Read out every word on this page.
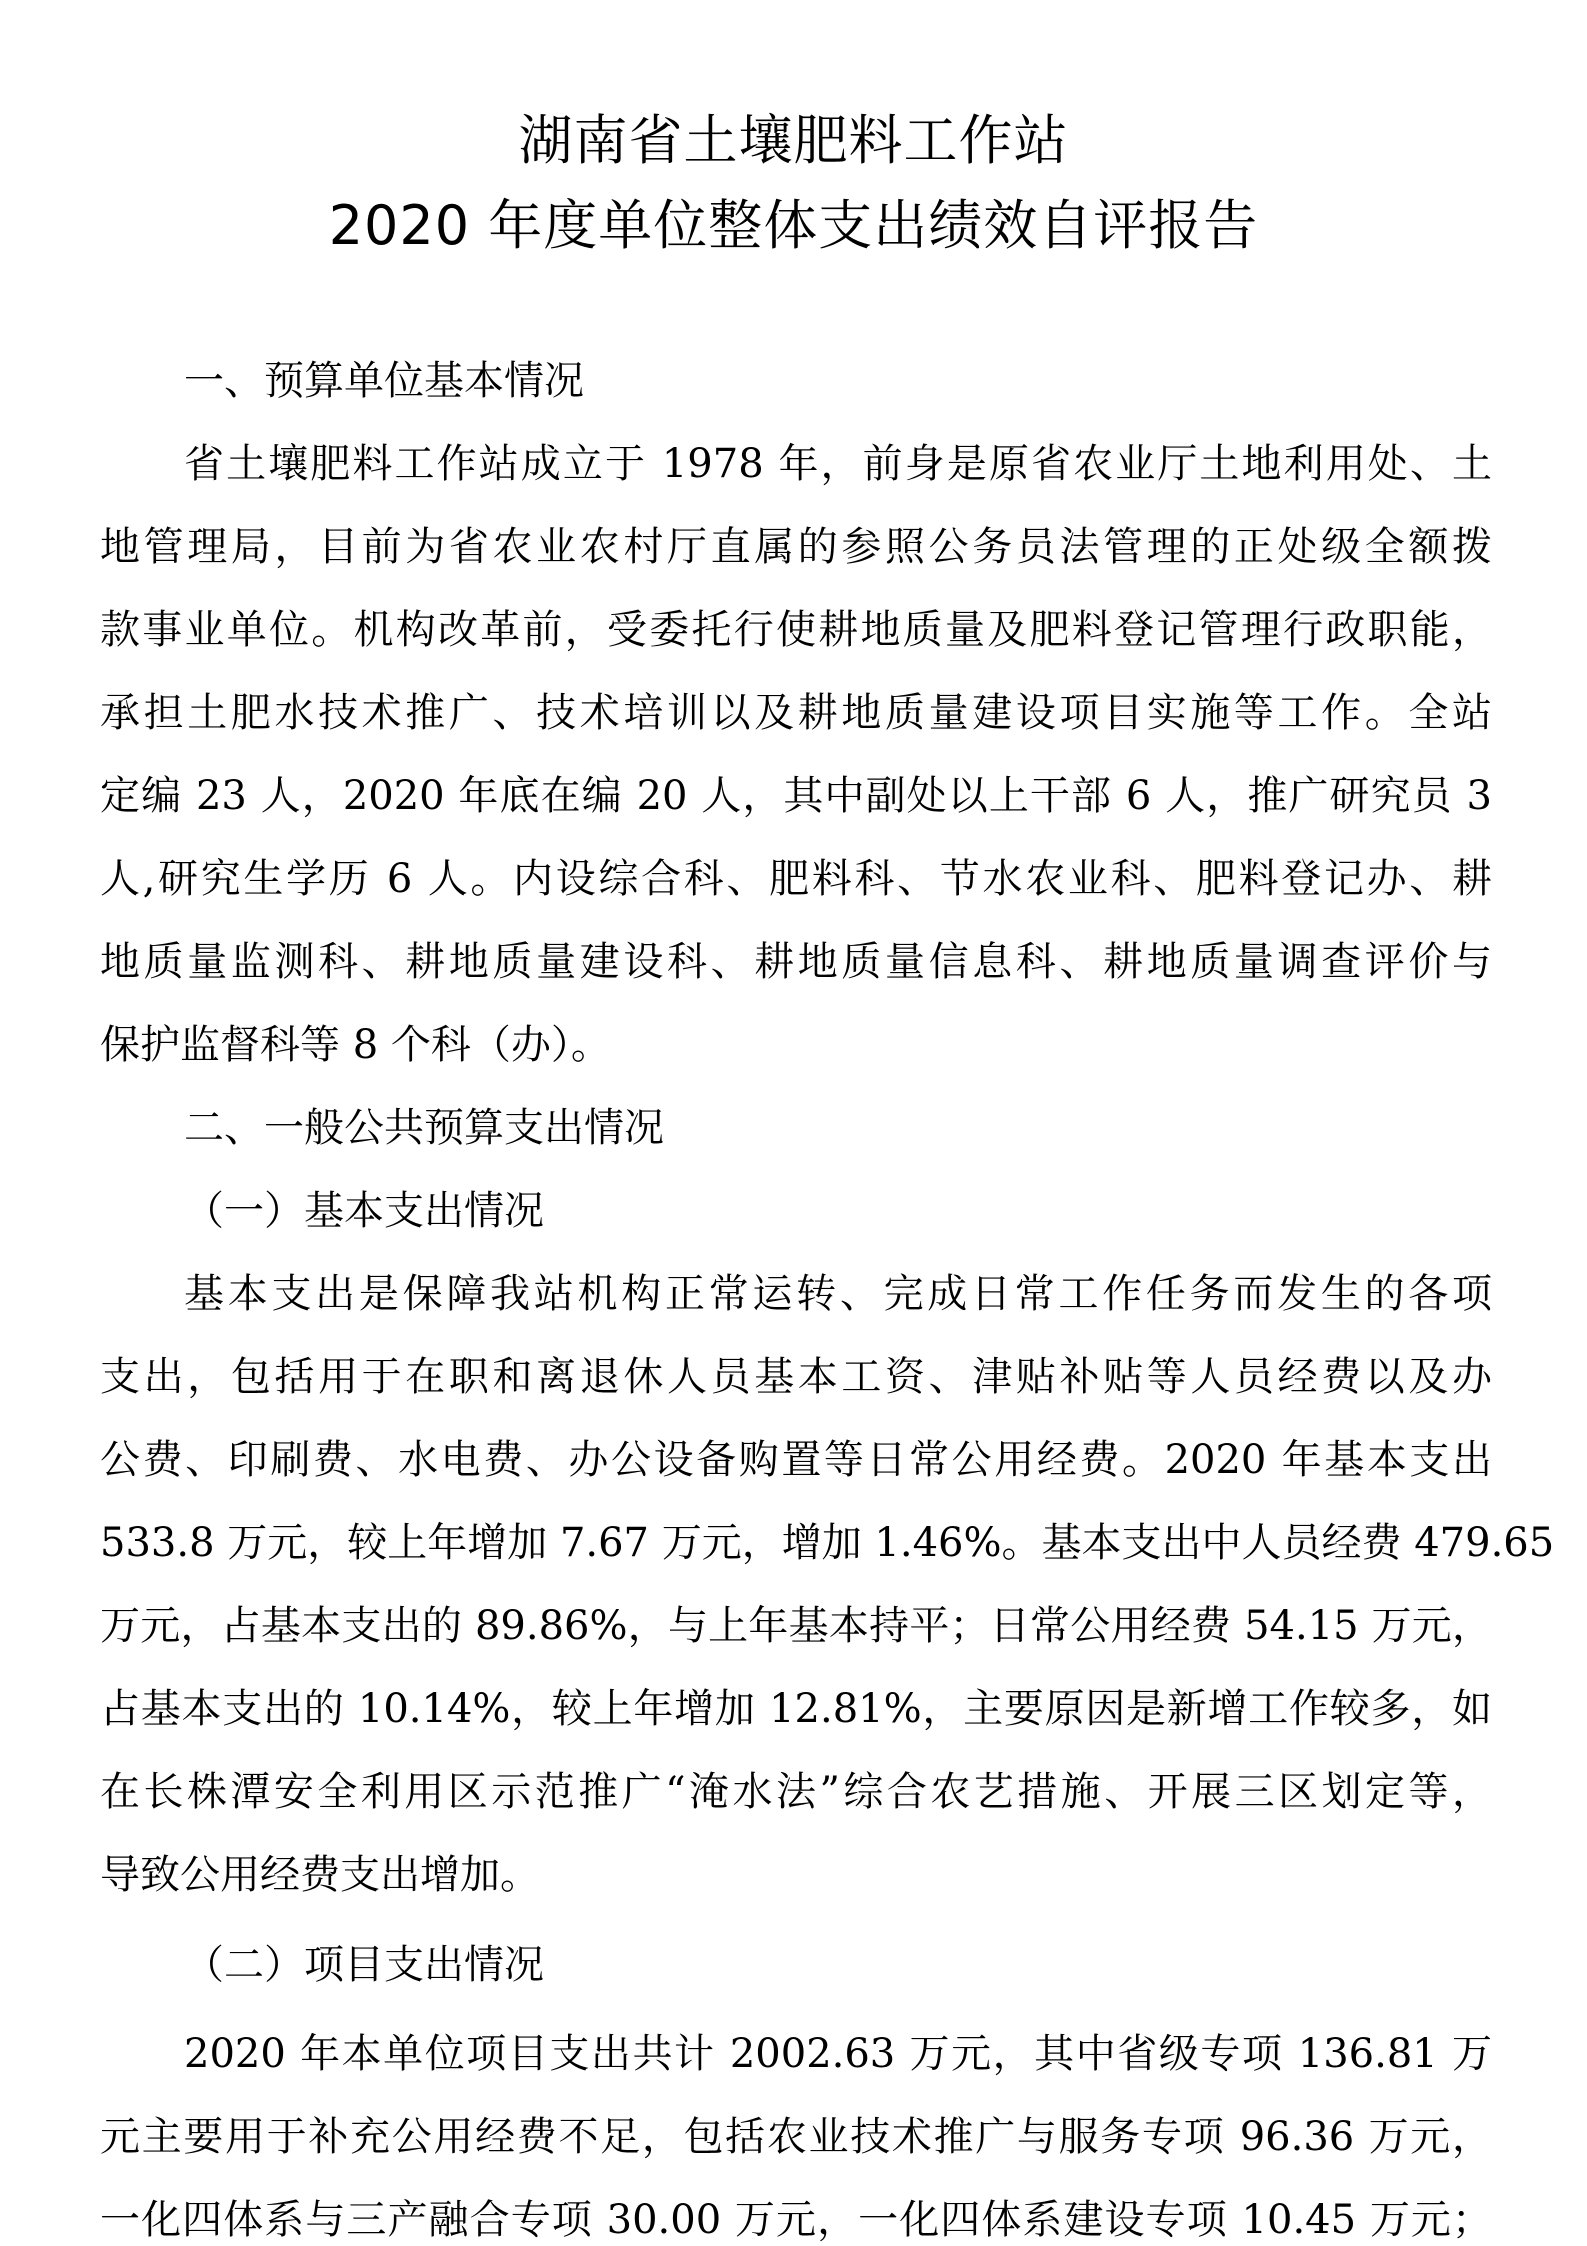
湖南省土壤肥料工作站
2020 年度单位整体支出绩效自评报告
一、预算单位基本情况
省土壤肥料工作站成立于 1978 年，前身是原省农业厅土地利用处、土
地管理局，目前为省农业农村厅直属的参照公务员法管理的正处级全额拨
款事业单位。机构改革前，受委托行使耕地质量及肥料登记管理行政职能，
承担土肥水技术推广、技术培训以及耕地质量建设项目实施等工作。全站
定编 23 人，2020 年底在编 20 人，其中副处以上干部 6 人，推广研究员 3
人,研究生学历 6 人。内设综合科、肥料科、节水农业科、肥料登记办、耕
地质量监测科、耕地质量建设科、耕地质量信息科、耕地质量调查评价与
保护监督科等 8 个科（办）。
二、一般公共预算支出情况
（一）基本支出情况
基本支出是保障我站机构正常运转、完成日常工作任务而发生的各项
支出，包括用于在职和离退休人员基本工资、津贴补贴等人员经费以及办
公费、印刷费、水电费、办公设备购置等日常公用经费。2020 年基本支出
533.8 万元，较上年增加 7.67 万元，增加 1.46%。基本支出中人员经费 479.65
万元，占基本支出的 89.86%，与上年基本持平；日常公用经费 54.15 万元，
占基本支出的 10.14%，较上年增加 12.81%，主要原因是新增工作较多，如
在长株潭安全利用区示范推广“淹水法”综合农艺措施、开展三区划定等，
导致公用经费支出增加。
（二）项目支出情况
2020 年本单位项目支出共计 2002.63 万元，其中省级专项 136.81 万
元主要用于补充公用经费不足，包括农业技术推广与服务专项 96.36 万元，
一化四体系与三产融合专项 30.00 万元，一化四体系建设专项 10.45 万元；
